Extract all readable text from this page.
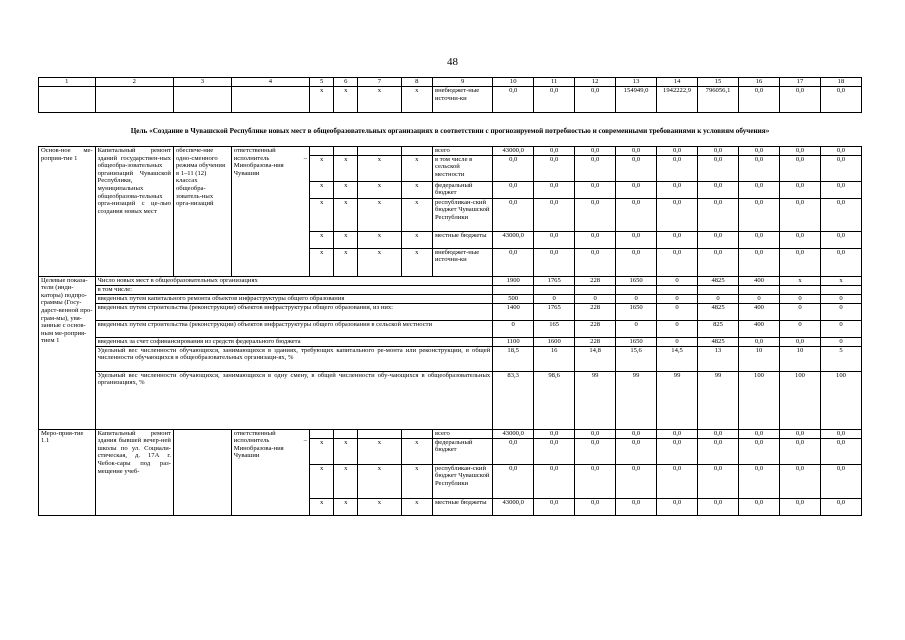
48
1	2	3	4	5	6	7	8	9	10	11	12	13	14	15	16	17	18
				x	x	x	x	внебюджет-ные источни-ки	0,0	0,0	0,0	154949,0	1942222,9	796056,1	0,0	0,0	0,0
Цель «Создание в Чувашской Республике новых мест в общеобразовательных организациях в соответствии с прогнозируемой потребностью и современными требованиями к условиям обучения»
Основ-ное ме-роприя-тие 1	Капитальный ремонт зданий государствен-ных общеобра-зовательных организаций Чувашской Республики, муниципальных общеобразова-тельных орга-низаций с це-лью создания новых мест	обеспече-ние одно-сменного режима обучения в 1–11 (12) классах общеобра-зователь-ных орга-низаций	ответственный исполнитель – Минобразова-ния Чувашии					всего	43000,0	0,0	0,0	0,0	0,0	0,0	0,0	0,0	0,0
				x	x	x	x	в том числе в сельской местности	0,0	0,0	0,0	0,0	0,0	0,0	0,0	0,0	0,0
				x	x	x	x	федеральный бюджет	0,0	0,0	0,0	0,0	0,0	0,0	0,0	0,0	0,0
				x	x	x	x	республикан-ский бюджет Чувашской Республики	0,0	0,0	0,0	0,0	0,0	0,0	0,0	0,0	0,0
				x	x	x	x	местные бюджеты	43000,0	0,0	0,0	0,0	0,0	0,0	0,0	0,0	0,0
				x	x	x	x	внебюджет-ные источни-ки	0,0	0,0	0,0	0,0	0,0	0,0	0,0	0,0	0,0
Целевые показа-тели (инди-каторы) подпро-граммы (Госу-дарст-венной про-грам-мы), увя-занные с основ-ным ме-роприя-тием 1	Число новых мест в общеобразовательных организациях								1900	1765	228	1650	0	4825	400	x	x
	в том числе:																
	введенных путем капитального ремонта объектов инфраструктуры общего образования								500	0	0	0	0	0	0	0	0
	введенных путем строительства (реконструкции) объектов инфраструктуры общего образования, из них:								1400	1765	228	1650	0	4825	400	0	0
	введенных путем строительства (реконструкции) объектов инфраструктуры общего образования в сельской местности								0	165	228	0	0	825	400	0	0
	введенных за счет софинансирования из средств федерального бюджета								1100	1600	228	1650	0	4825	0,0	0,0	0
	Удельный вес численности обучающихся, занимающихся в зданиях, требующих капитального ре-монта или реконструкции, в общей численности обучающихся в общеобразовательных организаци-ях, %								18,5	16	14,8	15,6	14,5	13	10	10	5
	Удельный вес численности обучающихся, занимающихся в одну смену, в общей численности обу-чающихся в общеобразовательных организациях, %								83,3	98,6	99	99	99	99	100	100	100
Меро-прия-тие 1.1	Капитальный ремонт здания бывшей вечер-ней школы по ул. Социали-стическая, д. 17А г. Чебок-сары под раз-мещение учеб-		ответственный исполнитель – Минобразова-ния Чувашии					всего	43000,0	0,0	0,0	0,0	0,0	0,0	0,0	0,0	0,0
				x	x	x	x	федеральный бюджет	0,0	0,0	0,0	0,0	0,0	0,0	0,0	0,0	0,0
				x	x	x	x	республикан-ский бюджет Чувашской Республики	0,0	0,0	0,0	0,0	0,0	0,0	0,0	0,0	0,0
				x	x	x	x	местные бюджеты	43000,0	0,0	0,0	0,0	0,0	0,0	0,0	0,0	0,0
